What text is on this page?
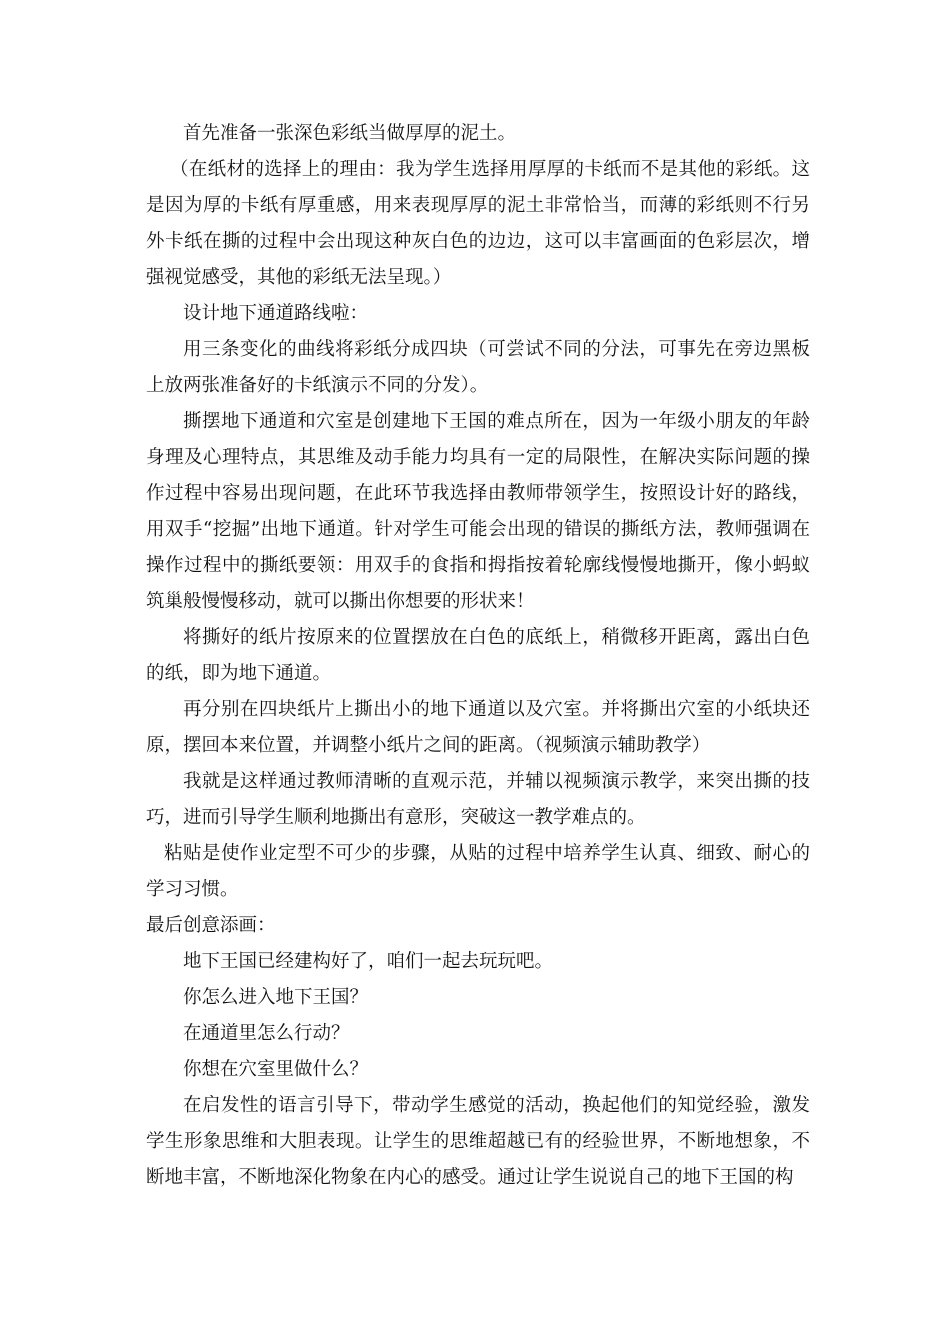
首先准备一张深色彩纸当做厚厚的泥土。

（在纸材的选择上的理由：我为学生选择用厚厚的卡纸而不是其他的彩纸。这是因为厚的卡纸有厚重感，用来表现厚厚的泥土非常恰当，而薄的彩纸则不行另外卡纸在撕的过程中会出现这种灰白色的边边，这可以丰富画面的色彩层次，增强视觉感受，其他的彩纸无法呈现。）

设计地下通道路线啦：

用三条变化的曲线将彩纸分成四块（可尝试不同的分法，可事先在旁边黑板上放两张准备好的卡纸演示不同的分发）。

撕摆地下通道和穴室是创建地下王国的难点所在，因为一年级小朋友的年龄身理及心理特点，其思维及动手能力均具有一定的局限性，在解决实际问题的操作过程中容易出现问题，在此环节我选择由教师带领学生，按照设计好的路线，用双手“挖掘”出地下通道。针对学生可能会出现的错误的撕纸方法，教师强调在操作过程中的撕纸要领：用双手的食指和拇指按着轮廓线慢慢地撕开，像小蚂蚁筑巢般慢慢移动，就可以撕出你想要的形状来！

将撕好的纸片按原来的位置摆放在白色的底纸上，稍微移开距离，露出白色的纸，即为地下通道。

再分别在四块纸片上撕出小的地下通道以及穴室。并将撕出穴室的小纸块还原，摆回本来位置，并调整小纸片之间的距离。（视频演示辅助教学）

我就是这样通过教师清晰的直观示范，并辅以视频演示教学，来突出撕的技巧，进而引导学生顺利地撕出有意形，突破这一教学难点的。

粘贴是使作业定型不可少的步骤，从贴的过程中培养学生认真、细致、耐心的学习习惯。

最后创意添画：

地下王国已经建构好了，咱们一起去玩玩吧。

你怎么进入地下王国？

在通道里怎么行动？

你想在穴室里做什么？

在启发性的语言引导下，带动学生感觉的活动，换起他们的知觉经验，激发学生形象思维和大胆表现。让学生的思维超越已有的经验世界，不断地想象，不断地丰富，不断地深化物象在内心的感受。通过让学生说说自己的地下王国的构
